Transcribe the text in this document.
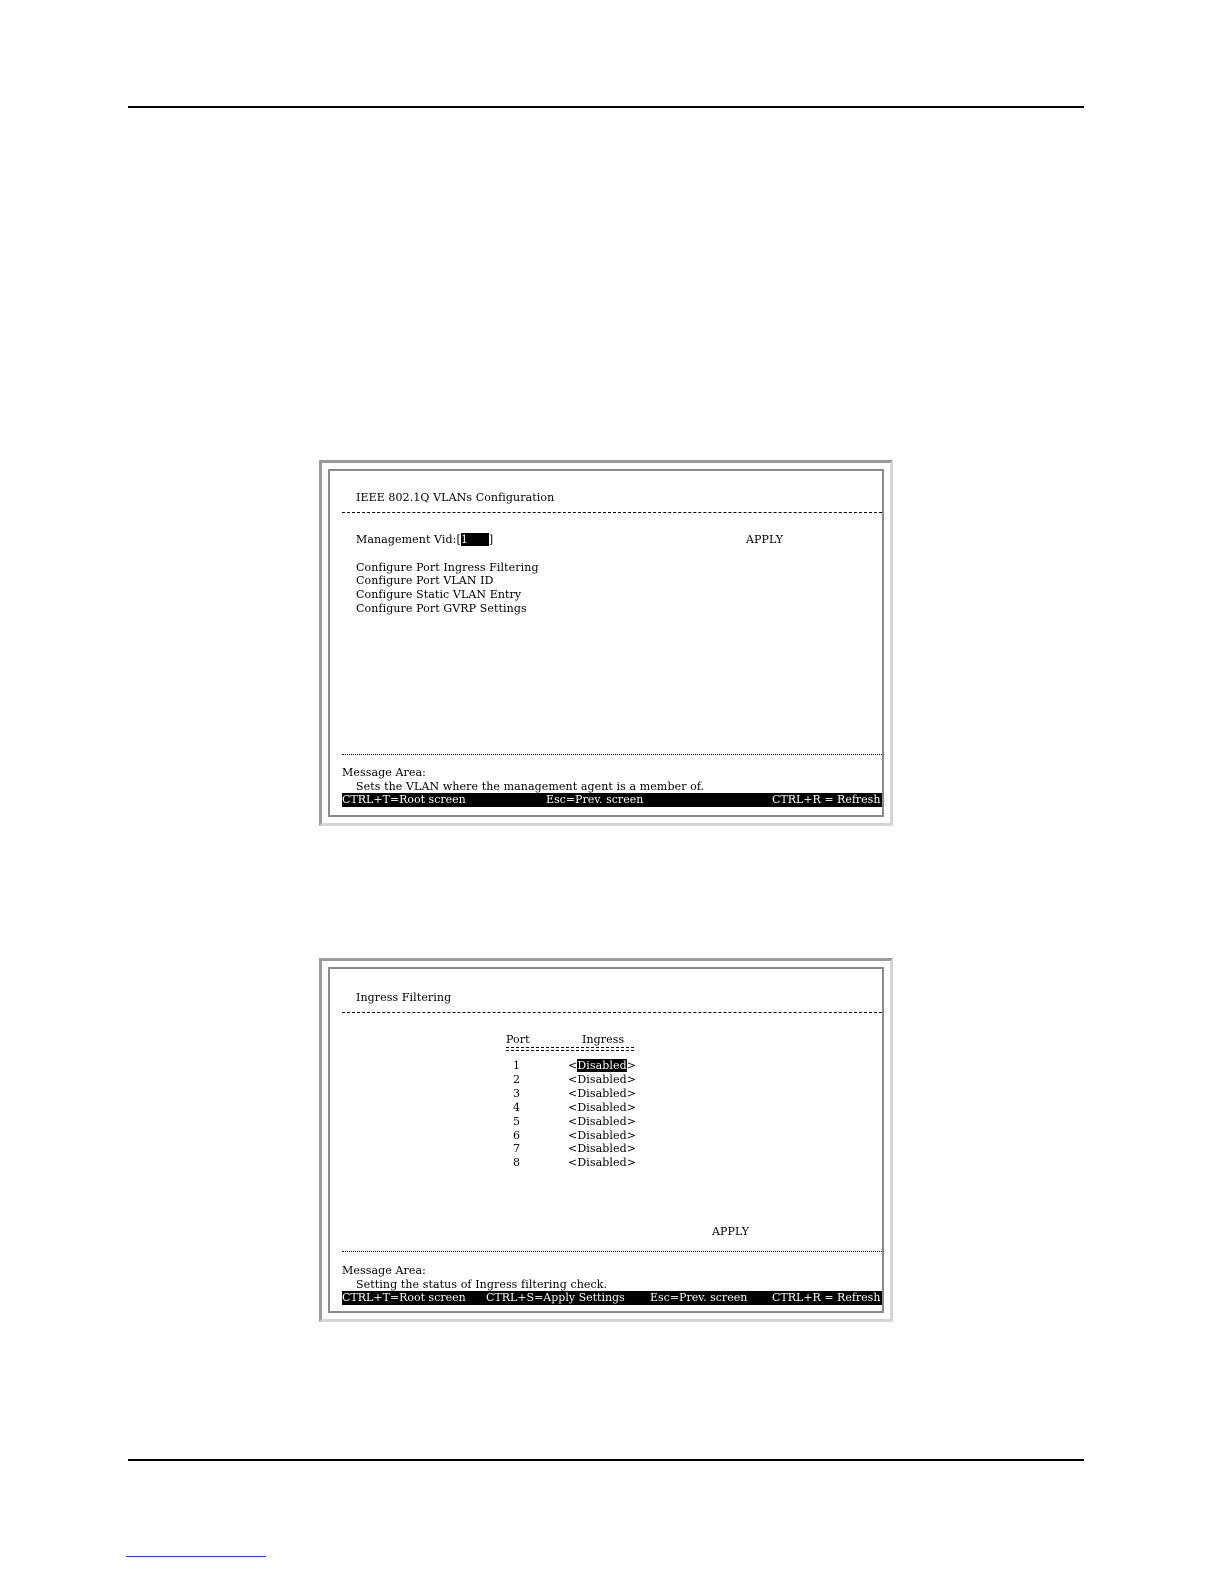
IEEE 802.1Q VLANs Configuration
Management Vid:[1 ]	APPLY
Configure Port Ingress Filtering
Configure Port VLAN ID
Configure Static VLAN Entry
Configure Port GVRP Settings
Message Area:
Sets the VLAN where the management agent is a member of.
CTRL+T=Root screen	Esc=Prev. screen	CTRL+R = Refresh
Ingress Filtering
Port	Ingress
1	<Disabled>
2	<Disabled>
3	<Disabled>
4	<Disabled>
5	<Disabled>
6	<Disabled>
7	<Disabled>
8	<Disabled>
APPLY
Message Area:
Setting the status of Ingress filtering check.
CTRL+T=Root screen CTRL+S=Apply Settings Esc=Prev. screen CTRL+R = Refresh
